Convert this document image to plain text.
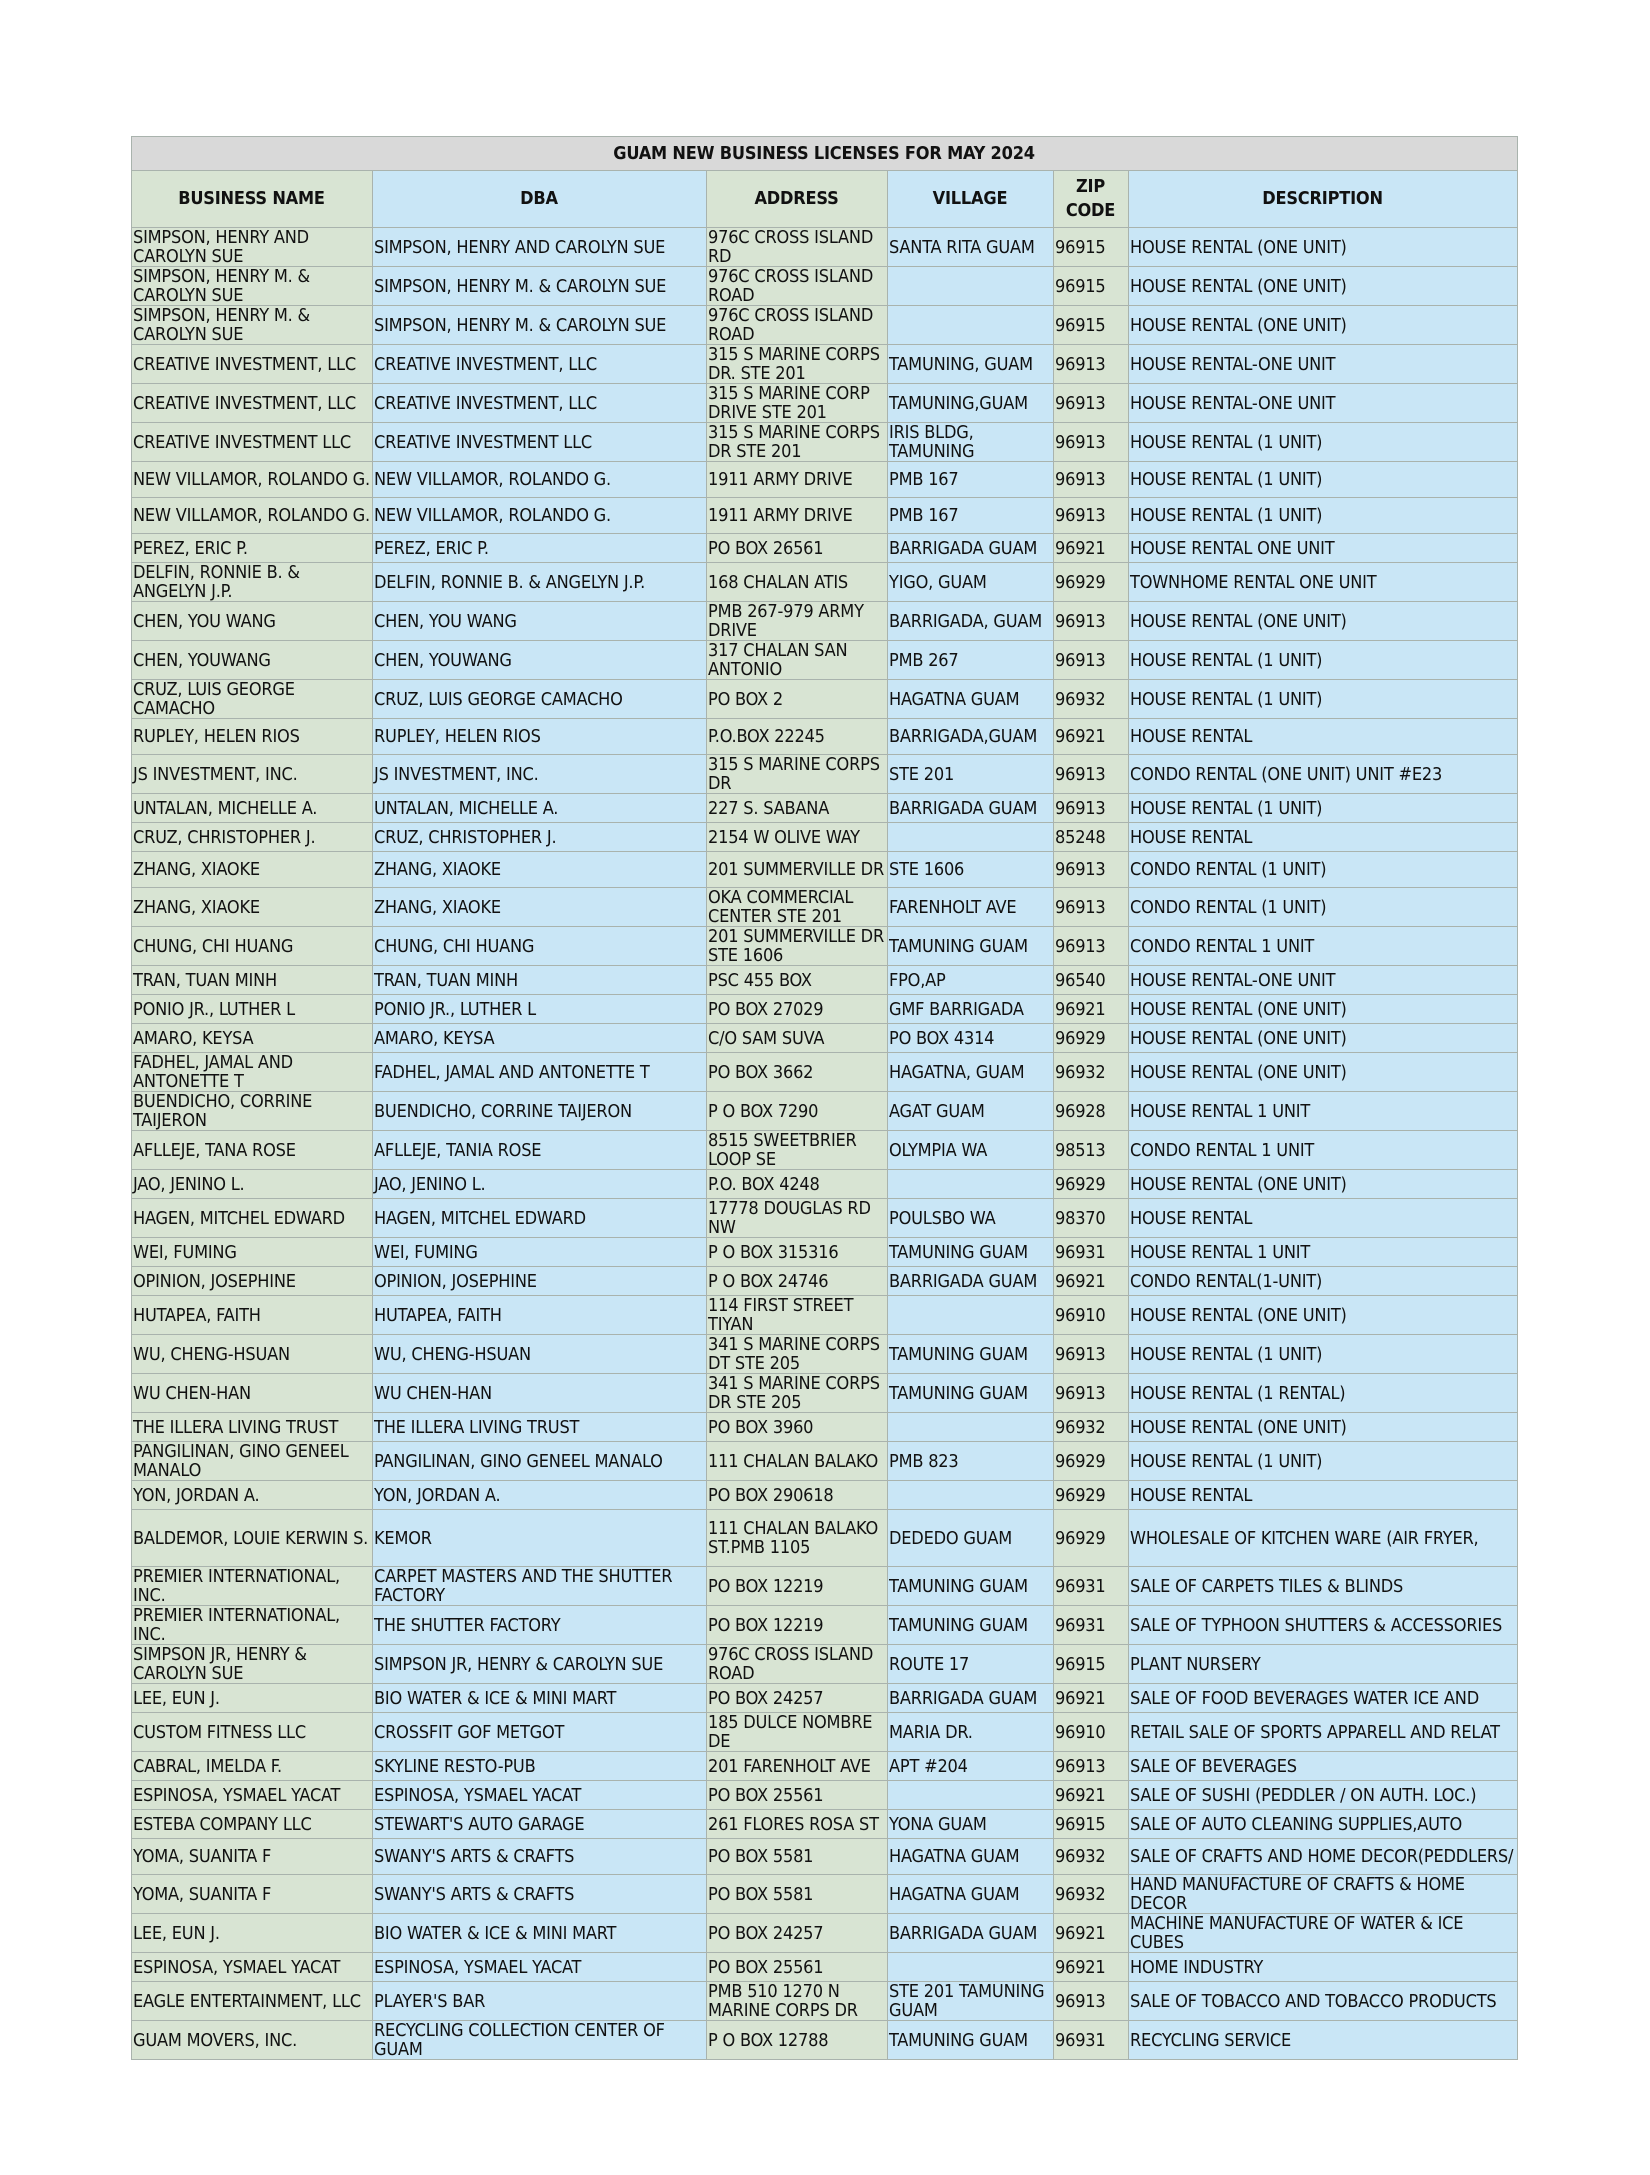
GUAM NEW BUSINESS LICENSES FOR MAY 2024					
BUSINESS NAME	DBA	ADDRESS	VILLAGE	ZIP CODE	DESCRIPTION
SIMPSON, HENRY AND CAROLYN SUE	SIMPSON, HENRY AND CAROLYN SUE	976C CROSS ISLAND RD	SANTA RITA GUAM	96915	HOUSE RENTAL (ONE UNIT)
SIMPSON, HENRY M. & CAROLYN SUE	SIMPSON, HENRY M. & CAROLYN SUE	976C CROSS ISLAND ROAD		96915	HOUSE RENTAL (ONE UNIT)
SIMPSON, HENRY M. & CAROLYN SUE	SIMPSON, HENRY M. & CAROLYN SUE	976C CROSS ISLAND ROAD		96915	HOUSE RENTAL (ONE UNIT)
CREATIVE INVESTMENT, LLC	CREATIVE INVESTMENT, LLC	315 S MARINE CORPS DR. STE 201	TAMUNING, GUAM	96913	HOUSE RENTAL-ONE UNIT
CREATIVE INVESTMENT, LLC	CREATIVE INVESTMENT, LLC	315 S MARINE CORP DRIVE STE 201	TAMUNING,GUAM	96913	HOUSE RENTAL-ONE UNIT
CREATIVE INVESTMENT LLC	CREATIVE INVESTMENT LLC	315 S MARINE CORPS DR STE 201	IRIS BLDG, TAMUNING	96913	HOUSE RENTAL (1 UNIT)
NEW VILLAMOR, ROLANDO G.	NEW VILLAMOR, ROLANDO G.	1911 ARMY DRIVE	PMB 167	96913	HOUSE RENTAL (1 UNIT)
NEW VILLAMOR, ROLANDO G.	NEW VILLAMOR, ROLANDO G.	1911 ARMY DRIVE	PMB 167	96913	HOUSE RENTAL (1 UNIT)
PEREZ, ERIC P.	PEREZ, ERIC P.	PO BOX 26561	BARRIGADA GUAM	96921	HOUSE RENTAL ONE UNIT
DELFIN, RONNIE B. & ANGELYN J.P.	DELFIN, RONNIE B. & ANGELYN J.P.	168 CHALAN ATIS	YIGO, GUAM	96929	TOWNHOME RENTAL ONE UNIT
CHEN, YOU WANG	CHEN, YOU WANG	PMB 267-979 ARMY DRIVE	BARRIGADA, GUAM	96913	HOUSE RENTAL (ONE UNIT)
CHEN, YOUWANG	CHEN, YOUWANG	317 CHALAN SAN ANTONIO	PMB 267	96913	HOUSE RENTAL (1 UNIT)
CRUZ, LUIS GEORGE CAMACHO	CRUZ, LUIS GEORGE CAMACHO	PO BOX 2	HAGATNA GUAM	96932	HOUSE RENTAL (1 UNIT)
RUPLEY, HELEN RIOS	RUPLEY, HELEN RIOS	P.O.BOX 22245	BARRIGADA,GUAM	96921	HOUSE RENTAL
JS INVESTMENT, INC.	JS INVESTMENT, INC.	315 S MARINE CORPS DR	STE 201	96913	CONDO RENTAL (ONE UNIT) UNIT #E23
UNTALAN, MICHELLE A.	UNTALAN, MICHELLE A.	227 S. SABANA	BARRIGADA GUAM	96913	HOUSE RENTAL (1 UNIT)
CRUZ, CHRISTOPHER J.	CRUZ, CHRISTOPHER J.	2154 W OLIVE WAY		85248	HOUSE RENTAL
ZHANG, XIAOKE	ZHANG, XIAOKE	201 SUMMERVILLE DR	STE 1606	96913	CONDO RENTAL (1 UNIT)
ZHANG, XIAOKE	ZHANG, XIAOKE	OKA COMMERCIAL CENTER STE 201	FARENHOLT AVE	96913	CONDO RENTAL (1 UNIT)
CHUNG, CHI HUANG	CHUNG, CHI HUANG	201 SUMMERVILLE DR STE 1606	TAMUNING GUAM	96913	CONDO RENTAL 1 UNIT
TRAN, TUAN MINH	TRAN, TUAN MINH	PSC 455 BOX	FPO,AP	96540	HOUSE RENTAL-ONE UNIT
PONIO JR., LUTHER L	PONIO JR., LUTHER L	PO BOX 27029	GMF BARRIGADA	96921	HOUSE RENTAL (ONE UNIT)
AMARO, KEYSA	AMARO, KEYSA	C/O SAM SUVA	PO BOX 4314	96929	HOUSE RENTAL (ONE UNIT)
FADHEL, JAMAL AND ANTONETTE T	FADHEL, JAMAL AND ANTONETTE T	PO BOX 3662	HAGATNA, GUAM	96932	HOUSE RENTAL (ONE UNIT)
BUENDICHO, CORRINE TAIJERON	BUENDICHO, CORRINE TAIJERON	P O BOX 7290	AGAT GUAM	96928	HOUSE RENTAL 1 UNIT
AFLLEJE, TANA ROSE	AFLLEJE, TANIA ROSE	8515 SWEETBRIER LOOP SE	OLYMPIA WA	98513	CONDO RENTAL 1 UNIT
JAO, JENINO L.	JAO, JENINO L.	P.O. BOX 4248		96929	HOUSE RENTAL (ONE UNIT)
HAGEN, MITCHEL EDWARD	HAGEN, MITCHEL EDWARD	17778 DOUGLAS RD NW	POULSBO WA	98370	HOUSE RENTAL
WEI, FUMING	WEI, FUMING	P O BOX 315316	TAMUNING GUAM	96931	HOUSE RENTAL 1 UNIT
OPINION, JOSEPHINE	OPINION, JOSEPHINE	P O BOX 24746	BARRIGADA GUAM	96921	CONDO RENTAL(1-UNIT)
HUTAPEA, FAITH	HUTAPEA, FAITH	114 FIRST STREET TIYAN		96910	HOUSE RENTAL (ONE UNIT)
WU, CHENG-HSUAN	WU, CHENG-HSUAN	341 S MARINE CORPS DT STE 205	TAMUNING GUAM	96913	HOUSE RENTAL (1 UNIT)
WU CHEN-HAN	WU CHEN-HAN	341 S MARINE CORPS DR STE 205	TAMUNING GUAM	96913	HOUSE RENTAL (1 RENTAL)
THE ILLERA LIVING TRUST	THE ILLERA LIVING TRUST	PO BOX 3960		96932	HOUSE RENTAL (ONE UNIT)
PANGILINAN, GINO GENEEL MANALO	PANGILINAN, GINO GENEEL MANALO	111 CHALAN BALAKO	PMB 823	96929	HOUSE RENTAL (1 UNIT)
YON, JORDAN A.	YON, JORDAN A.	PO BOX 290618		96929	HOUSE RENTAL
BALDEMOR, LOUIE KERWIN S.	KEMOR	111 CHALAN BALAKO ST.PMB 1105	DEDEDO GUAM	96929	WHOLESALE OF KITCHEN WARE (AIR FRYER,
PREMIER INTERNATIONAL, INC.	CARPET MASTERS AND THE SHUTTER FACTORY	PO BOX 12219	TAMUNING GUAM	96931	SALE OF CARPETS TILES & BLINDS
PREMIER INTERNATIONAL, INC.	THE SHUTTER FACTORY	PO BOX 12219	TAMUNING GUAM	96931	SALE OF TYPHOON SHUTTERS & ACCESSORIES
SIMPSON JR, HENRY & CAROLYN SUE	SIMPSON JR, HENRY & CAROLYN SUE	976C CROSS ISLAND ROAD	ROUTE 17	96915	PLANT NURSERY
LEE, EUN J.	BIO WATER & ICE & MINI MART	PO BOX 24257	BARRIGADA GUAM	96921	SALE OF FOOD BEVERAGES WATER ICE AND
CUSTOM FITNESS LLC	CROSSFIT GOF METGOT	185 DULCE NOMBRE DE	MARIA DR.	96910	RETAIL SALE OF SPORTS APPARELL AND RELAT
CABRAL, IMELDA F.	SKYLINE RESTO-PUB	201 FARENHOLT AVE	APT #204	96913	SALE OF BEVERAGES
ESPINOSA, YSMAEL YACAT	ESPINOSA, YSMAEL YACAT	PO BOX 25561		96921	SALE OF SUSHI (PEDDLER / ON AUTH. LOC.)
ESTEBA COMPANY LLC	STEWART'S AUTO GARAGE	261 FLORES ROSA ST	YONA GUAM	96915	SALE OF AUTO CLEANING SUPPLIES,AUTO
YOMA, SUANITA F	SWANY'S ARTS & CRAFTS	PO BOX 5581	HAGATNA GUAM	96932	SALE OF CRAFTS AND HOME DECOR(PEDDLERS/
YOMA, SUANITA F	SWANY'S ARTS & CRAFTS	PO BOX 5581	HAGATNA GUAM	96932	HAND MANUFACTURE OF CRAFTS & HOME DECOR
LEE, EUN J.	BIO WATER & ICE & MINI MART	PO BOX 24257	BARRIGADA GUAM	96921	MACHINE MANUFACTURE OF WATER & ICE CUBES
ESPINOSA, YSMAEL YACAT	ESPINOSA, YSMAEL YACAT	PO BOX 25561		96921	HOME INDUSTRY
EAGLE ENTERTAINMENT, LLC	PLAYER'S BAR	PMB 510 1270 N MARINE CORPS DR	STE 201 TAMUNING GUAM	96913	SALE OF TOBACCO AND TOBACCO PRODUCTS
GUAM MOVERS, INC.	RECYCLING COLLECTION CENTER OF GUAM	P O BOX 12788	TAMUNING GUAM	96931	RECYCLING SERVICE
